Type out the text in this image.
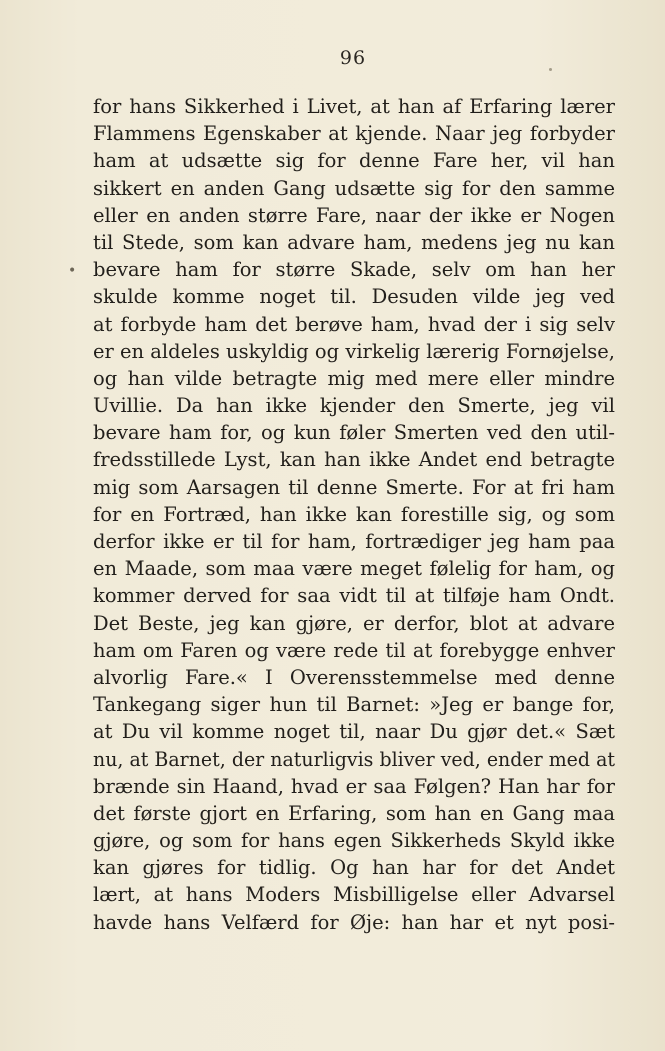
96
•
for hans Sikkerhed i Livet, at han af Erfaring lærer
Flammens Egenskaber at kjende. Naar jeg forbyder
ham at udsætte sig for denne Fare her, vil han
sikkert en anden Gang udsætte sig for den samme
eller en anden større Fare, naar der ikke er Nogen
til Stede, som kan advare ham, medens jeg nu kan
bevare ham for større Skade, selv om han her
skulde komme noget til. Desuden vilde jeg ved
at forbyde ham det berøve ham, hvad der i sig selv
er en aldeles uskyldig og virkelig lærerig Fornøjelse,
og han vilde betragte mig med mere eller mindre
Uvillie. Da han ikke kjender den Smerte, jeg vil
bevare ham for, og kun føler Smerten ved den util-
fredsstillede Lyst, kan han ikke Andet end betragte
mig som Aarsagen til denne Smerte. For at fri ham
for en Fortræd, han ikke kan forestille sig, og som
derfor ikke er til for ham, fortrædiger jeg ham paa
en Maade, som maa være meget følelig for ham, og
kommer derved for saa vidt til at tilføje ham Ondt.
Det Beste, jeg kan gjøre, er derfor, blot at advare
ham om Faren og være rede til at forebygge enhver
alvorlig Fare.« I Overensstemmelse med denne
Tankegang siger hun til Barnet: »Jeg er bange for,
at Du vil komme noget til, naar Du gjør det.« Sæt
nu, at Barnet, der naturligvis bliver ved, ender med at
brænde sin Haand, hvad er saa Følgen? Han har for
det første gjort en Erfaring, som han en Gang maa
gjøre, og som for hans egen Sikkerheds Skyld ikke
kan gjøres for tidlig. Og han har for det Andet
lært, at hans Moders Misbilligelse eller Advarsel
havde hans Velfærd for Øje: han har et nyt posi-
